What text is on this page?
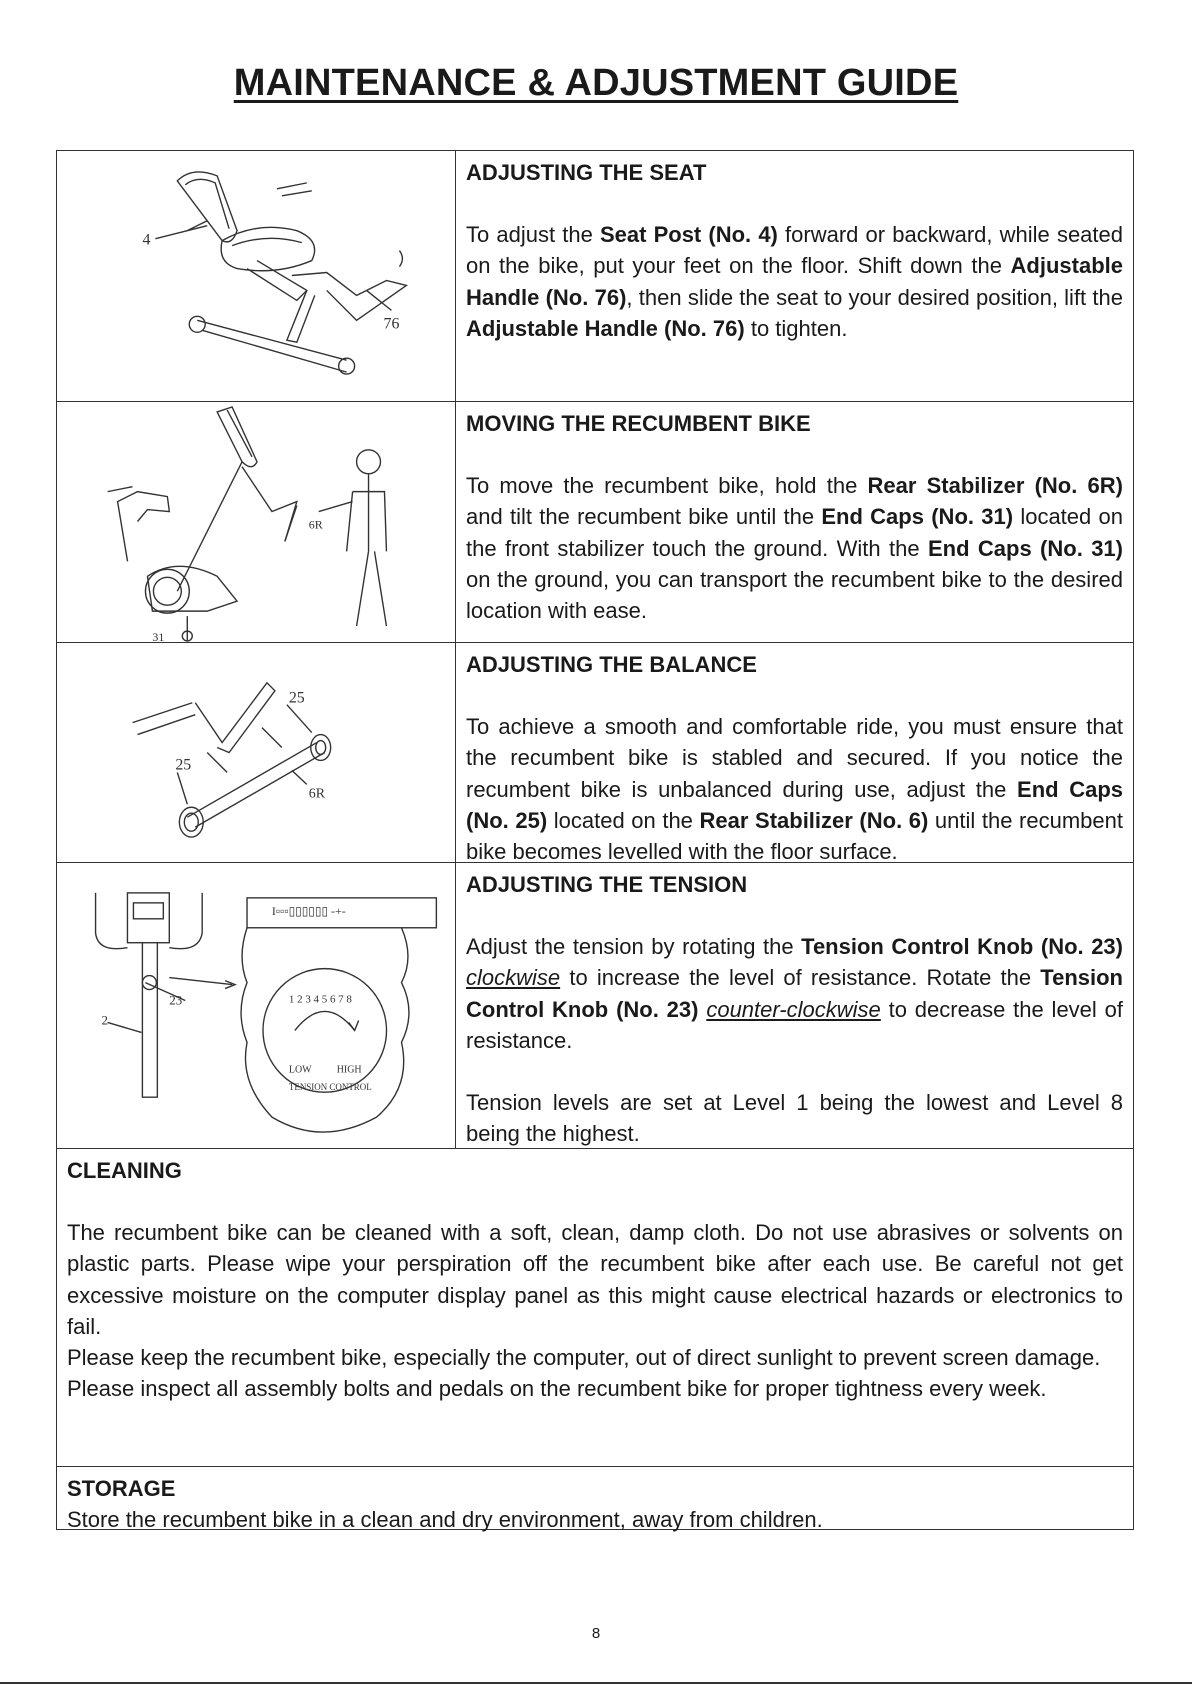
MAINTENANCE & ADJUSTMENT GUIDE
4
76
ADJUSTING THE SEAT
To adjust the Seat Post (No. 4) forward or backward, while seated on the bike, put your feet on the floor. Shift down the Adjustable Handle (No. 76), then slide the seat to your desired position, lift the Adjustable Handle (No. 76) to tighten.
6R
31
MOVING THE RECUMBENT BIKE
To move the recumbent bike, hold the Rear Stabilizer (No. 6R) and tilt the recumbent bike until the End Caps (No. 31) located on the front stabilizer touch the ground. With the End Caps (No. 31) on the ground, you can transport the recumbent bike to the desired location with ease.
25
25
6R
ADJUSTING THE BALANCE
To achieve a smooth and comfortable ride, you must ensure that the recumbent bike is stabled and secured. If you notice the recumbent bike is unbalanced during use, adjust the End Caps (No. 25) located on the Rear Stabilizer (No. 6) until the recumbent bike becomes levelled with the floor surface.
I▫▫▫▯▯▯▯▯▯ -+-
LOW	HIGH
TENSION CONTROL
1 2 3 4 5 6 7 8
23
2
ADJUSTING THE TENSION
Adjust the tension by rotating the Tension Control Knob (No. 23) clockwise to increase the level of resistance. Rotate the Tension Control Knob (No. 23) counter-clockwise to decrease the level of resistance.
Tension levels are set at Level 1 being the lowest and Level 8 being the highest.
CLEANING
The recumbent bike can be cleaned with a soft, clean, damp cloth. Do not use abrasives or solvents on plastic parts. Please wipe your perspiration off the recumbent bike after each use. Be careful not get excessive moisture on the computer display panel as this might cause electrical hazards or electronics to fail.
Please keep the recumbent bike, especially the computer, out of direct sunlight to prevent screen damage.
Please inspect all assembly bolts and pedals on the recumbent bike for proper tightness every week.
STORAGE
Store the recumbent bike in a clean and dry environment, away from children.
8
